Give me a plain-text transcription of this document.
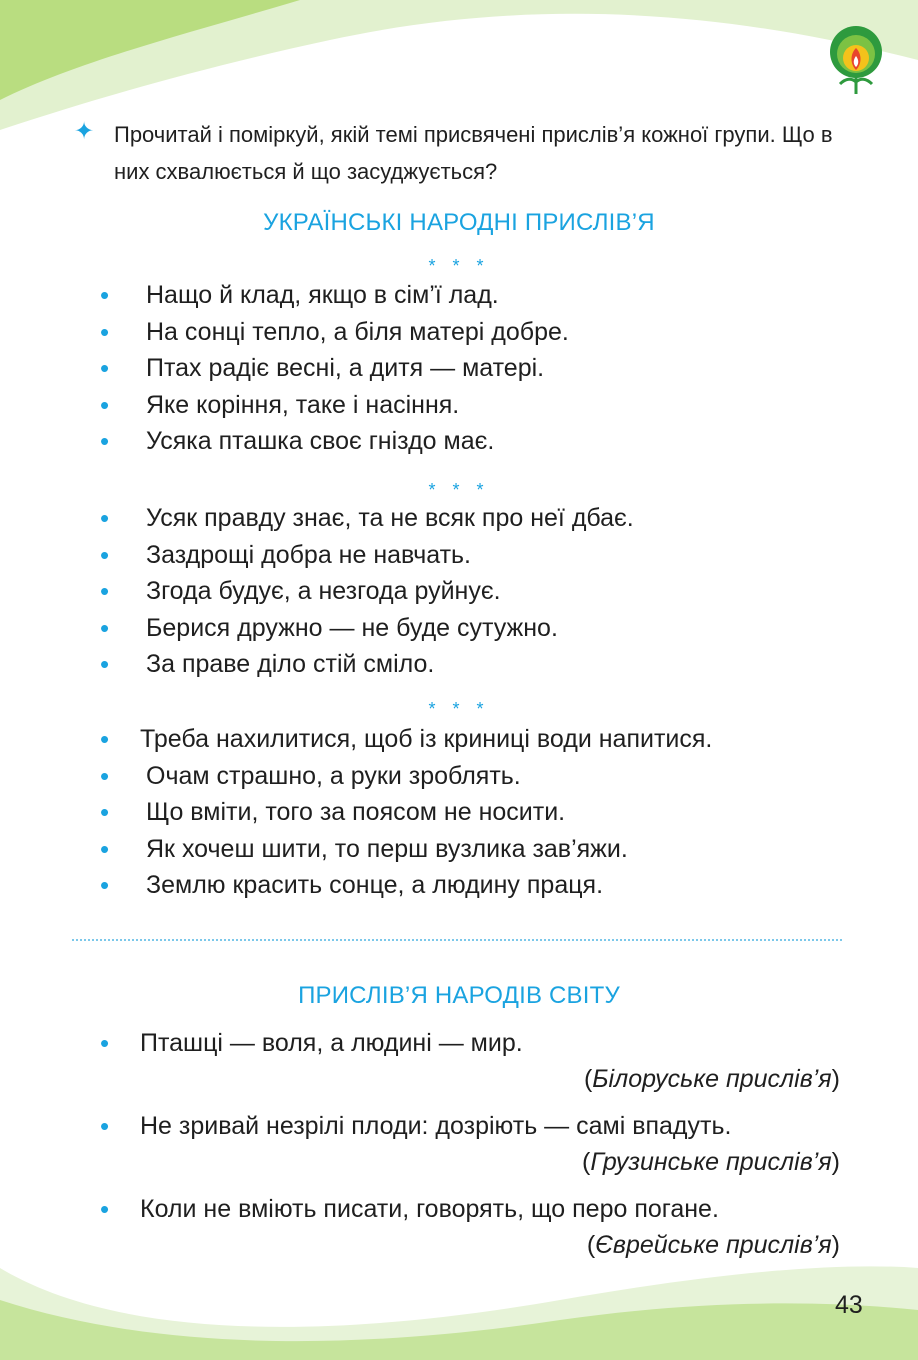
✦ Прочитай і поміркуй, якій темі присвячені прислів’я кожної групи. Що в них схвалюється й що засуджується?
УКРАЇНСЬКІ НАРОДНІ ПРИСЛІВ’Я
* * *
• Нащо й клад, якщо в сім’ї лад.
• На сонці тепло, а біля матері добре.
• Птах радіє весні, а дитя — матері.
• Яке коріння, таке і насіння.
• Усяка пташка своє гніздо має.
* * *
• Усяк правду знає, та не всяк про неї дбає.
• Заздрощі добра не навчать.
• Згода будує, а незгода руйнує.
• Берися дружно — не буде сутужно.
• За праве діло стій сміло.
* * *
• Треба нахилитися, щоб із криниці води напитися.
• Очам страшно, а руки зроблять.
• Що вміти, того за поясом не носити.
• Як хочеш шити, то перш вузлика зав’яжи.
• Землю красить сонце, а людину праця.
ПРИСЛІВ’Я НАРОДІВ СВІТУ
• Пташці — воля, а людині — мир.
(Білоруське прислів’я)
• Не зривай незрілі плоди: дозріють — самі впадуть.
(Грузинське прислів’я)
• Коли не вміють писати, говорять, що перо погане.
(Єврейське прислів’я)
43
